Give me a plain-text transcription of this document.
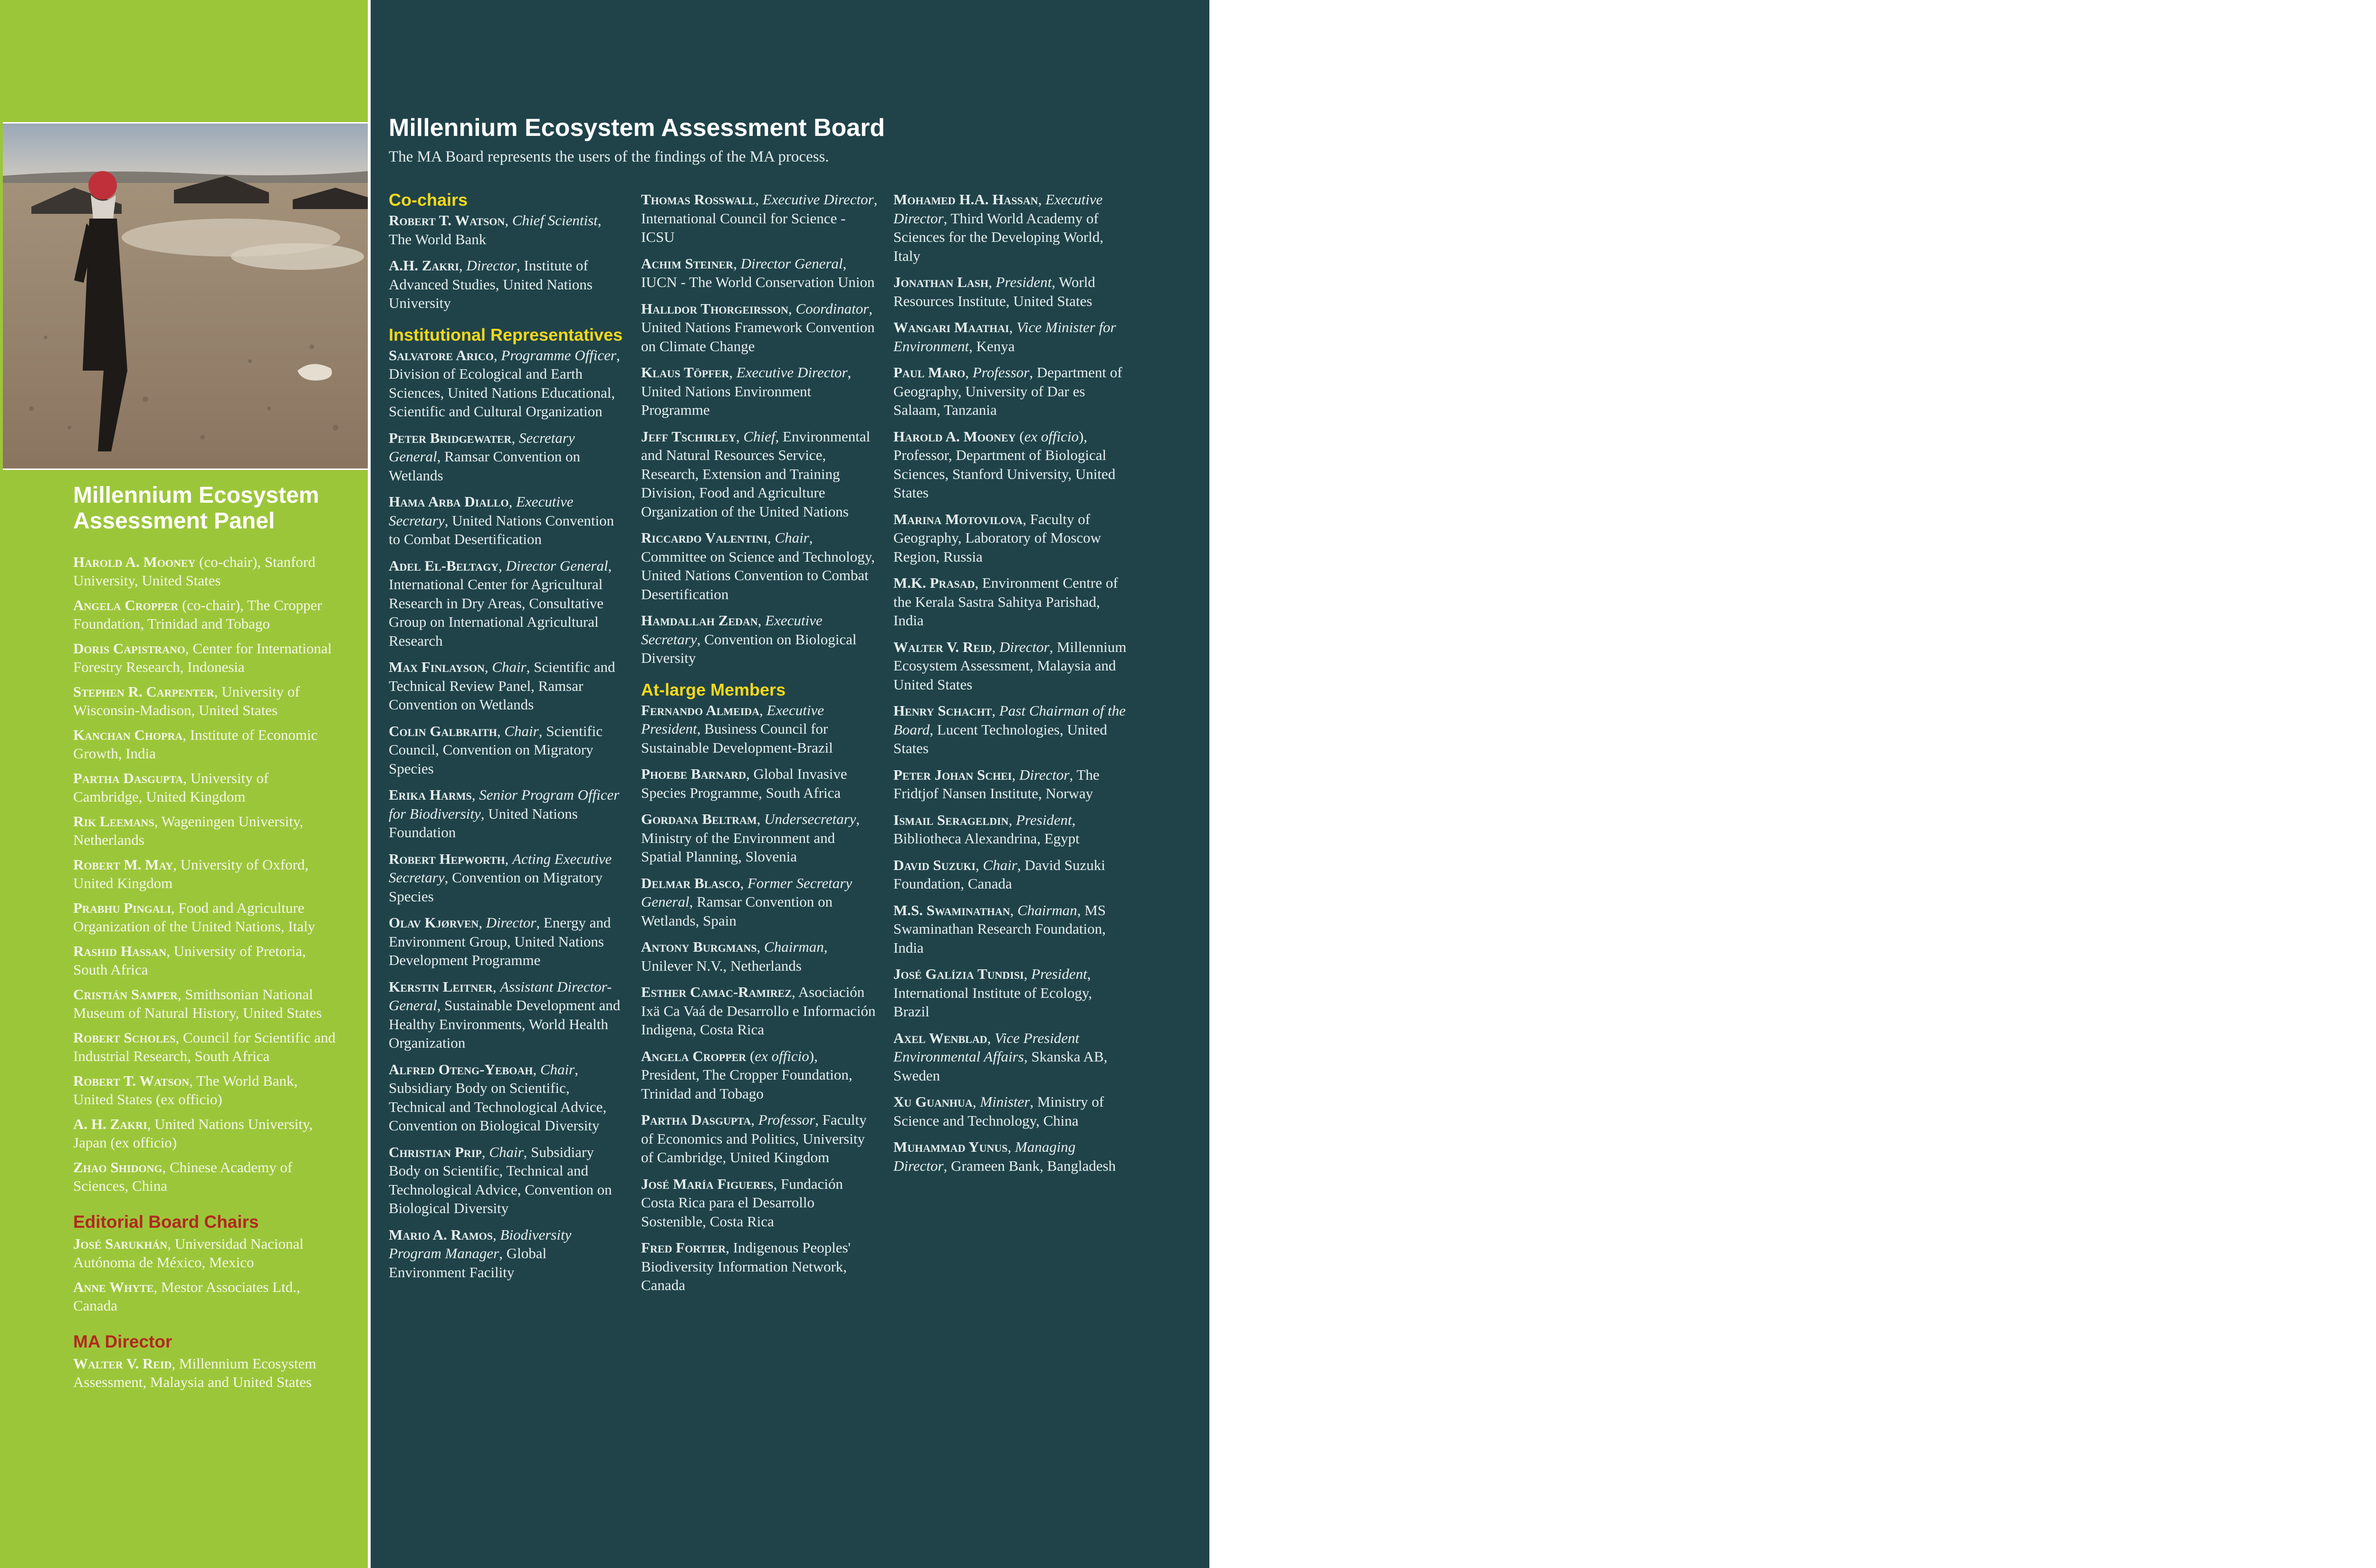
Millennium Ecosystem Assessment Panel
Harold A. Mooney (co-chair), Stanford University, United States
Angela Cropper (co-chair), The Cropper Foundation, Trinidad and Tobago
Doris Capistrano, Center for International Forestry Research, Indonesia
Stephen R. Carpenter, University of Wisconsin-Madison, United States
Kanchan Chopra, Institute of Economic Growth, India
Partha Dasgupta, University of Cambridge, United Kingdom
Rik Leemans, Wageningen University, Netherlands
Robert M. May, University of Oxford, United Kingdom
Prabhu Pingali, Food and Agriculture Organization of the United Nations, Italy
Rashid Hassan, University of Pretoria, South Africa
Cristián Samper, Smithsonian National Museum of Natural History, United States
Robert Scholes, Council for Scientific and Industrial Research, South Africa
Robert T. Watson, The World Bank, United States (ex officio)
A. H. Zakri, United Nations University, Japan (ex officio)
Zhao Shidong, Chinese Academy of Sciences, China
Editorial Board Chairs
José Sarukhán, Universidad Nacional Autónoma de México, Mexico
Anne Whyte, Mestor Associates Ltd., Canada
MA Director
Walter V. Reid, Millennium Ecosystem Assessment, Malaysia and United States
Millennium Ecosystem Assessment Board

The MA Board represents the users of the findings of the MA process.

Co-chairs
Robert T. Watson, Chief Scientist, The World Bank
A.H. Zakri, Director, Institute of Advanced Studies, United Nations University
Institutional Representatives
Salvatore Arico, Programme Officer, Division of Ecological and Earth Sciences, United Nations Educational, Scientific and Cultural Organization
Peter Bridgewater, Secretary General, Ramsar Convention on Wetlands
Hama Arba Diallo, Executive Secretary, United Nations Convention to Combat Desertification
Adel El-Beltagy, Director General, International Center for Agricultural Research in Dry Areas, Consultative Group on International Agricultural Research
Max Finlayson, Chair, Scientific and Technical Review Panel, Ramsar Convention on Wetlands
Colin Galbraith, Chair, Scientific Council, Convention on Migratory Species
Erika Harms, Senior Program Officer for Biodiversity, United Nations Foundation
Robert Hepworth, Acting Executive Secretary, Convention on Migratory Species
Olav Kjørven, Director, Energy and Environment Group, United Nations Development Programme
Kerstin Leitner, Assistant Director-General, Sustainable Development and Healthy Environments, World Health Organization
Alfred Oteng-Yeboah, Chair, Subsidiary Body on Scientific, Technical and Technological Advice, Convention on Biological Diversity
Christian Prip, Chair, Subsidiary Body on Scientific, Technical and Technological Advice, Convention on Biological Diversity
Mario A. Ramos, Biodiversity Program Manager, Global Environment Facility
Thomas Rosswall, Executive Director, International Council for Science - ICSU
Achim Steiner, Director General, IUCN - The World Conservation Union
Halldor Thorgeirsson, Coordinator, United Nations Framework Convention on Climate Change
Klaus Töpfer, Executive Director, United Nations Environment Programme
Jeff Tschirley, Chief, Environmental and Natural Resources Service, Research, Extension and Training Division, Food and Agriculture Organization of the United Nations
Riccardo Valentini, Chair, Committee on Science and Technology, United Nations Convention to Combat Desertification
Hamdallah Zedan, Executive Secretary, Convention on Biological Diversity
At-large Members
Fernando Almeida, Executive President, Business Council for Sustainable Development-Brazil
Phoebe Barnard, Global Invasive Species Programme, South Africa
Gordana Beltram, Undersecretary, Ministry of the Environment and Spatial Planning, Slovenia
Delmar Blasco, Former Secretary General, Ramsar Convention on Wetlands, Spain
Antony Burgmans, Chairman, Unilever N.V., Netherlands
Esther Camac-Ramirez, Asociación Ixä Ca Vaá de Desarrollo e Información Indigena, Costa Rica
Angela Cropper (ex officio), President, The Cropper Foundation, Trinidad and Tobago
Partha Dasgupta, Professor, Faculty of Economics and Politics, University of Cambridge, United Kingdom
José María Figueres, Fundación Costa Rica para el Desarrollo Sostenible, Costa Rica
Fred Fortier, Indigenous Peoples' Biodiversity Information Network, Canada
Mohamed H.A. Hassan, Executive Director, Third World Academy of Sciences for the Developing World, Italy
Jonathan Lash, President, World Resources Institute, United States
Wangari Maathai, Vice Minister for Environment, Kenya
Paul Maro, Professor, Department of Geography, University of Dar es Salaam, Tanzania
Harold A. Mooney (ex officio), Professor, Department of Biological Sciences, Stanford University, United States
Marina Motovilova, Faculty of Geography, Laboratory of Moscow Region, Russia
M.K. Prasad, Environment Centre of the Kerala Sastra Sahitya Parishad, India
Walter V. Reid, Director, Millennium Ecosystem Assessment, Malaysia and United States
Henry Schacht, Past Chairman of the Board, Lucent Technologies, United States
Peter Johan Schei, Director, The Fridtjof Nansen Institute, Norway
Ismail Serageldin, President, Bibliotheca Alexandrina, Egypt
David Suzuki, Chair, David Suzuki Foundation, Canada
M.S. Swaminathan, Chairman, MS Swaminathan Research Foundation, India
José Galízia Tundisi, President, International Institute of Ecology, Brazil
Axel Wenblad, Vice President Environmental Affairs, Skanska AB, Sweden
Xu Guanhua, Minister, Ministry of Science and Technology, China
Muhammad Yunus, Managing Director, Grameen Bank, Bangladesh
